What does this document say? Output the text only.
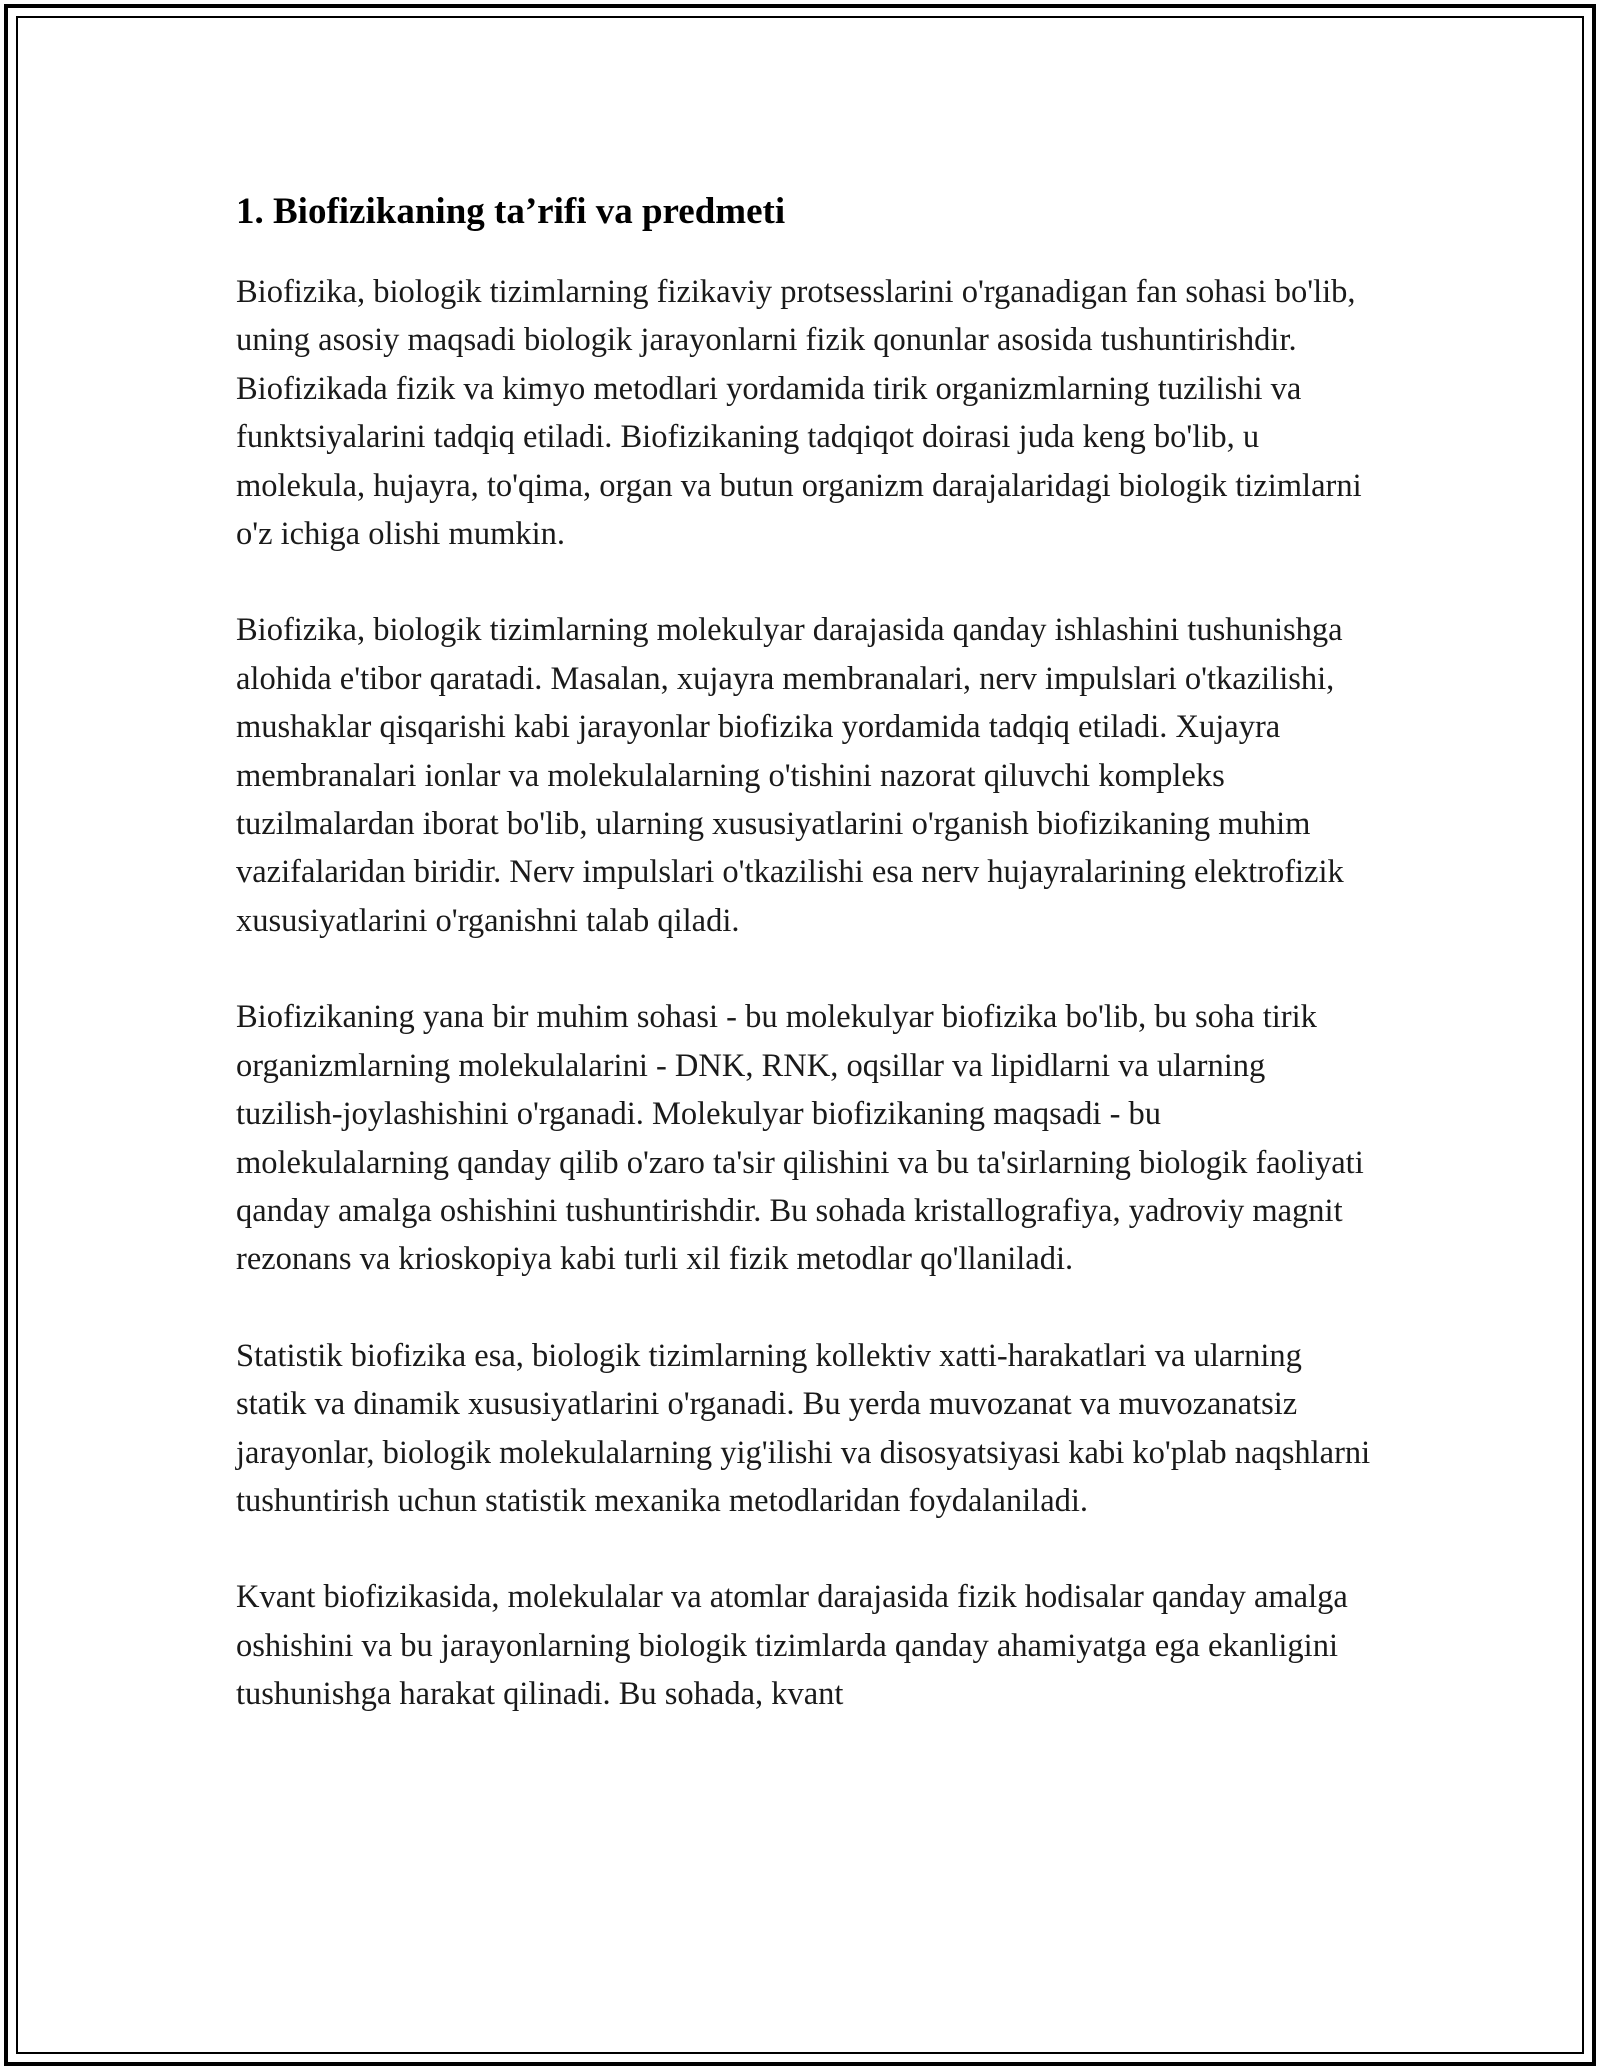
1. Biofizikaning ta’rifi va predmeti

Biofizika, biologik tizimlarning fizikaviy protsesslarini o'rganadigan fan sohasi bo'lib, uning asosiy maqsadi biologik jarayonlarni fizik qonunlar asosida tushuntirishdir. Biofizikada fizik va kimyo metodlari yordamida tirik organizmlarning tuzilishi va funktsiyalarini tadqiq etiladi. Biofizikaning tadqiqot doirasi juda keng bo'lib, u molekula, hujayra, to'qima, organ va butun organizm darajalaridagi biologik tizimlarni o'z ichiga olishi mumkin.

Biofizika, biologik tizimlarning molekulyar darajasida qanday ishlashini tushunishga alohida e'tibor qaratadi. Masalan, xujayra membranalari, nerv impulslari o'tkazilishi, mushaklar qisqarishi kabi jarayonlar biofizika yordamida tadqiq etiladi. Xujayra membranalari ionlar va molekulalarning o'tishini nazorat qiluvchi kompleks tuzilmalardan iborat bo'lib, ularning xususiyatlarini o'rganish biofizikaning muhim vazifalaridan biridir. Nerv impulslari o'tkazilishi esa nerv hujayralarining elektrofizik xususiyatlarini o'rganishni talab qiladi.

Biofizikaning yana bir muhim sohasi - bu molekulyar biofizika bo'lib, bu soha tirik organizmlarning molekulalarini - DNK, RNK, oqsillar va lipidlarni va ularning tuzilish-joylashishini o'rganadi. Molekulyar biofizikaning maqsadi - bu molekulalarning qanday qilib o'zaro ta'sir qilishini va bu ta'sirlarning biologik faoliyati qanday amalga oshishini tushuntirishdir. Bu sohada kristallografiya, yadroviy magnit rezonans va krioskopiya kabi turli xil fizik metodlar qo'llaniladi.

Statistik biofizika esa, biologik tizimlarning kollektiv xatti-harakatlari va ularning statik va dinamik xususiyatlarini o'rganadi. Bu yerda muvozanat va muvozanatsiz jarayonlar, biologik molekulalarning yig'ilishi va disosyatsiyasi kabi ko'plab naqshlarni tushuntirish uchun statistik mexanika metodlaridan foydalaniladi.

Kvant biofizikasida, molekulalar va atomlar darajasida fizik hodisalar qanday amalga oshishini va bu jarayonlarning biologik tizimlarda qanday ahamiyatga ega ekanligini tushunishga harakat qilinadi. Bu sohada, kvant
